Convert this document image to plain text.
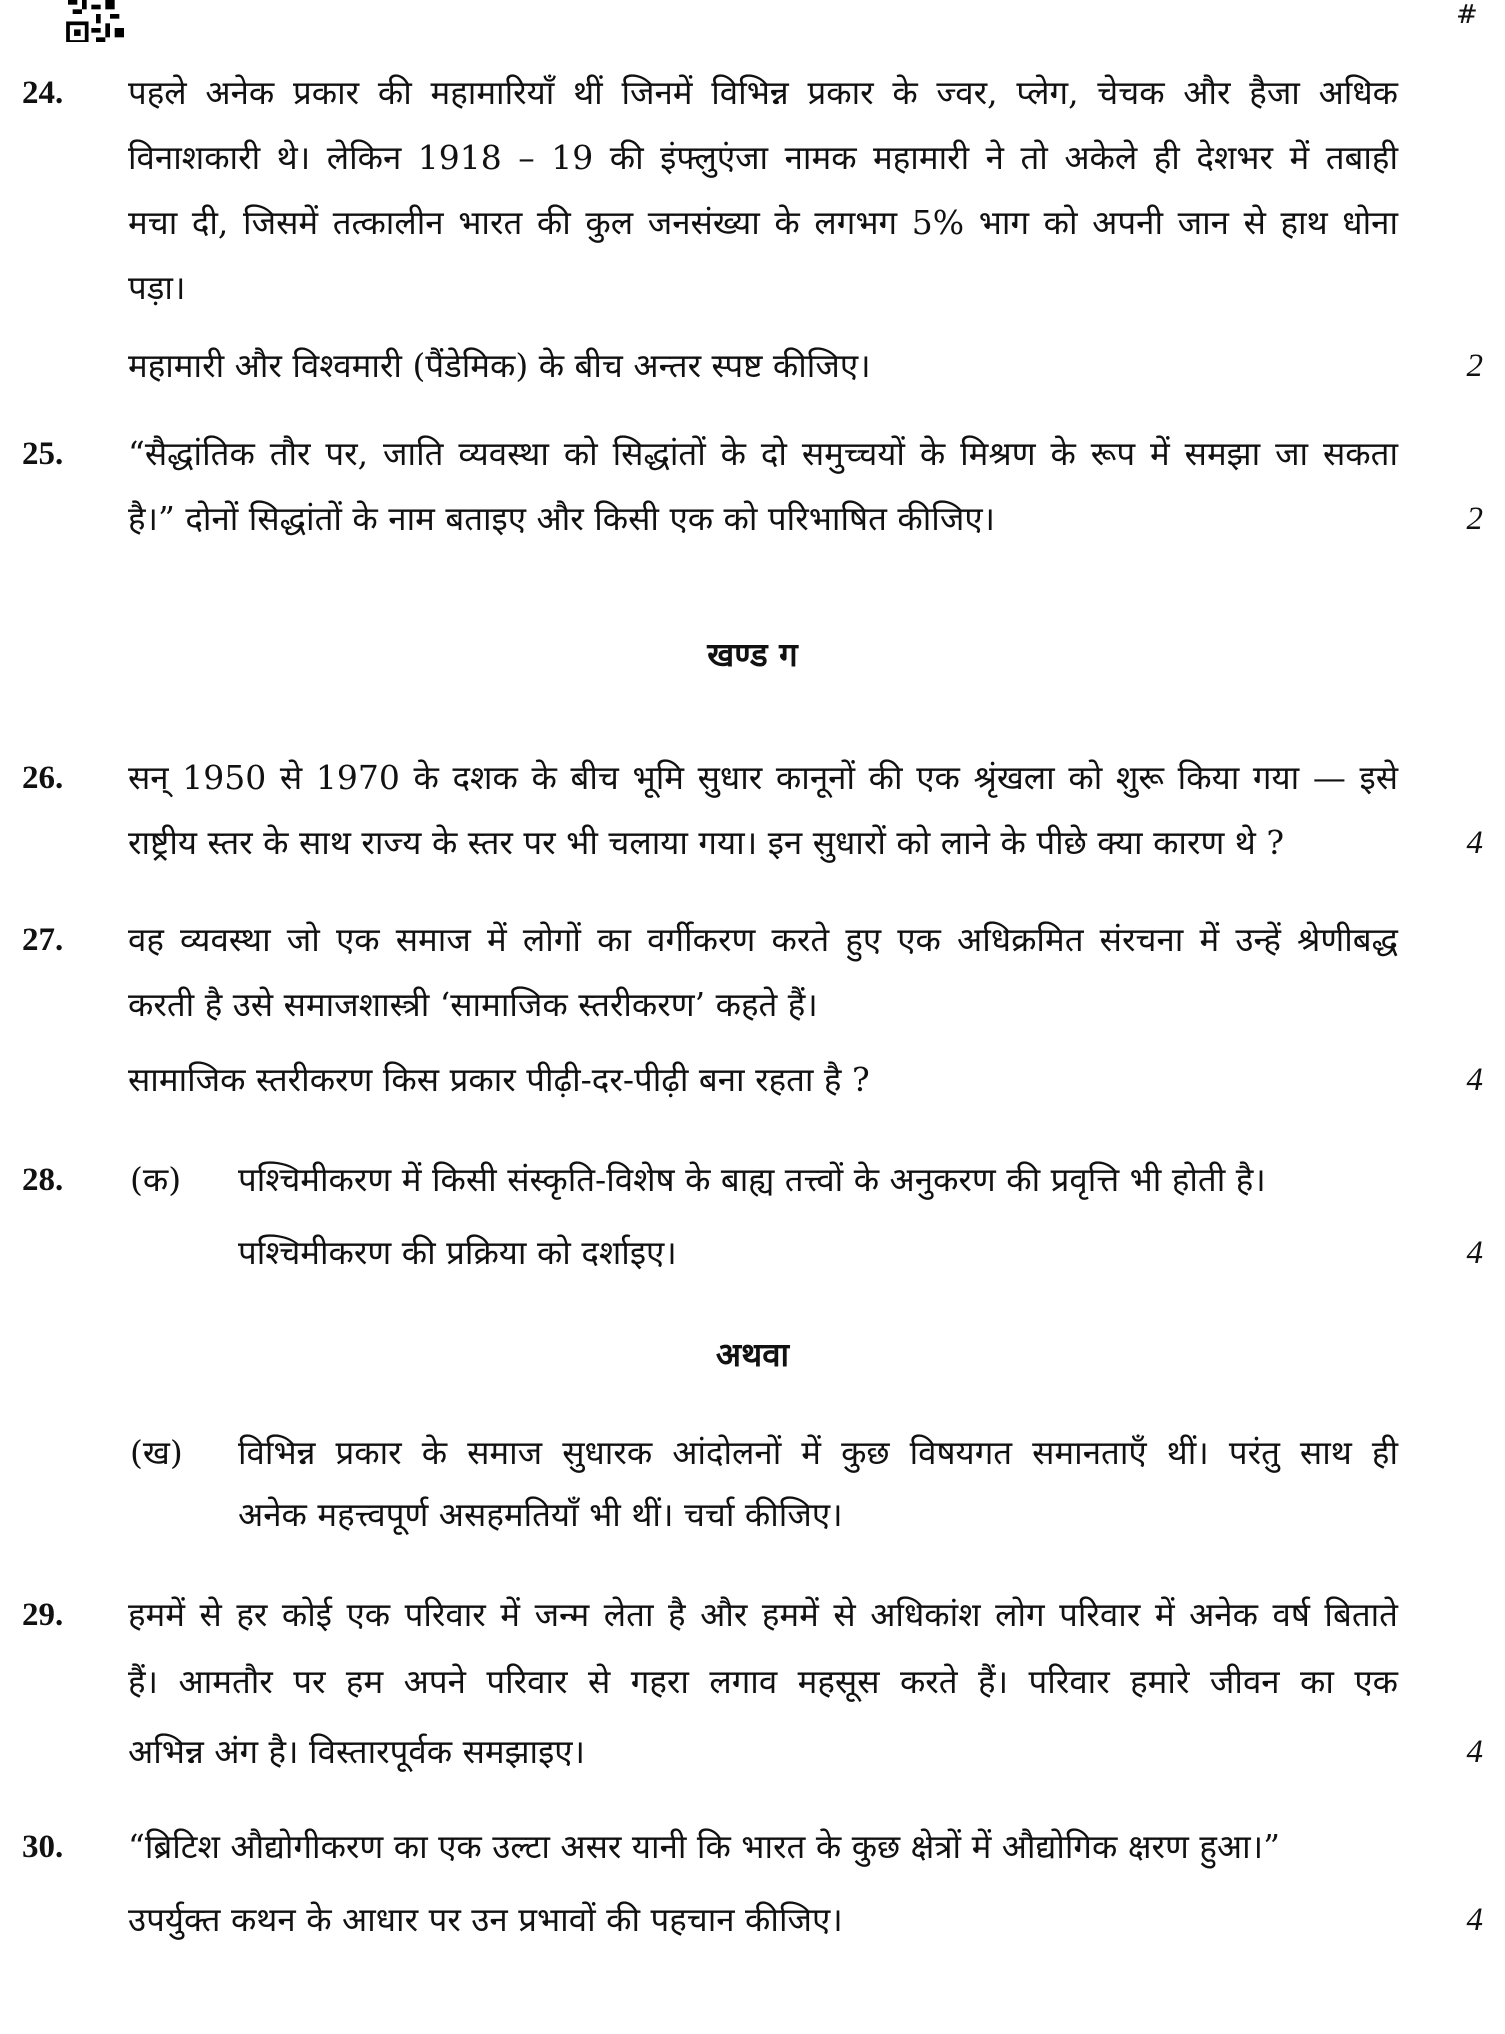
#
24. पहले अनेक प्रकार की महामारियाँ थीं जिनमें विभिन्न प्रकार के ज्वर, प्लेग, चेचक और हैजा अधिक
विनाशकारी थे। लेकिन 1918 – 19 की इंफ्लुएंजा नामक महामारी ने तो अकेले ही देशभर में तबाही
मचा दी, जिसमें तत्कालीन भारत की कुल जनसंख्या के लगभग 5% भाग को अपनी जान से हाथ धोना
पड़ा।
महामारी और विश्वमारी (पैंडेमिक) के बीच अन्तर स्पष्ट कीजिए।	2
25. “सैद्धांतिक तौर पर, जाति व्यवस्था को सिद्धांतों के दो समुच्चयों के मिश्रण के रूप में समझा जा सकता
है।” दोनों सिद्धांतों के नाम बताइए और किसी एक को परिभाषित कीजिए।	2
खण्ड ग
26. सन् 1950 से 1970 के दशक के बीच भूमि सुधार कानूनों की एक श्रृंखला को शुरू किया गया — इसे
राष्ट्रीय स्तर के साथ राज्य के स्तर पर भी चलाया गया। इन सुधारों को लाने के पीछे क्या कारण थे ?	4
27. वह व्यवस्था जो एक समाज में लोगों का वर्गीकरण करते हुए एक अधिक्रमित संरचना में उन्हें श्रेणीबद्ध
करती है उसे समाजशास्त्री ‘सामाजिक स्तरीकरण’ कहते हैं।
सामाजिक स्तरीकरण किस प्रकार पीढ़ी-दर-पीढ़ी बना रहता है ?	4
28. (क) पश्चिमीकरण में किसी संस्कृति-विशेष के बाह्य तत्त्वों के अनुकरण की प्रवृत्ति भी होती है।
पश्चिमीकरण की प्रक्रिया को दर्शाइए।	4
अथवा
(ख) विभिन्न प्रकार के समाज सुधारक आंदोलनों में कुछ विषयगत समानताएँ थीं। परंतु साथ ही
अनेक महत्त्वपूर्ण असहमतियाँ भी थीं। चर्चा कीजिए।
29. हममें से हर कोई एक परिवार में जन्म लेता है और हममें से अधिकांश लोग परिवार में अनेक वर्ष बिताते
हैं। आमतौर पर हम अपने परिवार से गहरा लगाव महसूस करते हैं। परिवार हमारे जीवन का एक
अभिन्न अंग है। विस्तारपूर्वक समझाइए।	4
30. “ब्रिटिश औद्योगीकरण का एक उल्टा असर यानी कि भारत के कुछ क्षेत्रों में औद्योगिक क्षरण हुआ।”
उपर्युक्त कथन के आधार पर उन प्रभावों की पहचान कीजिए।	4
